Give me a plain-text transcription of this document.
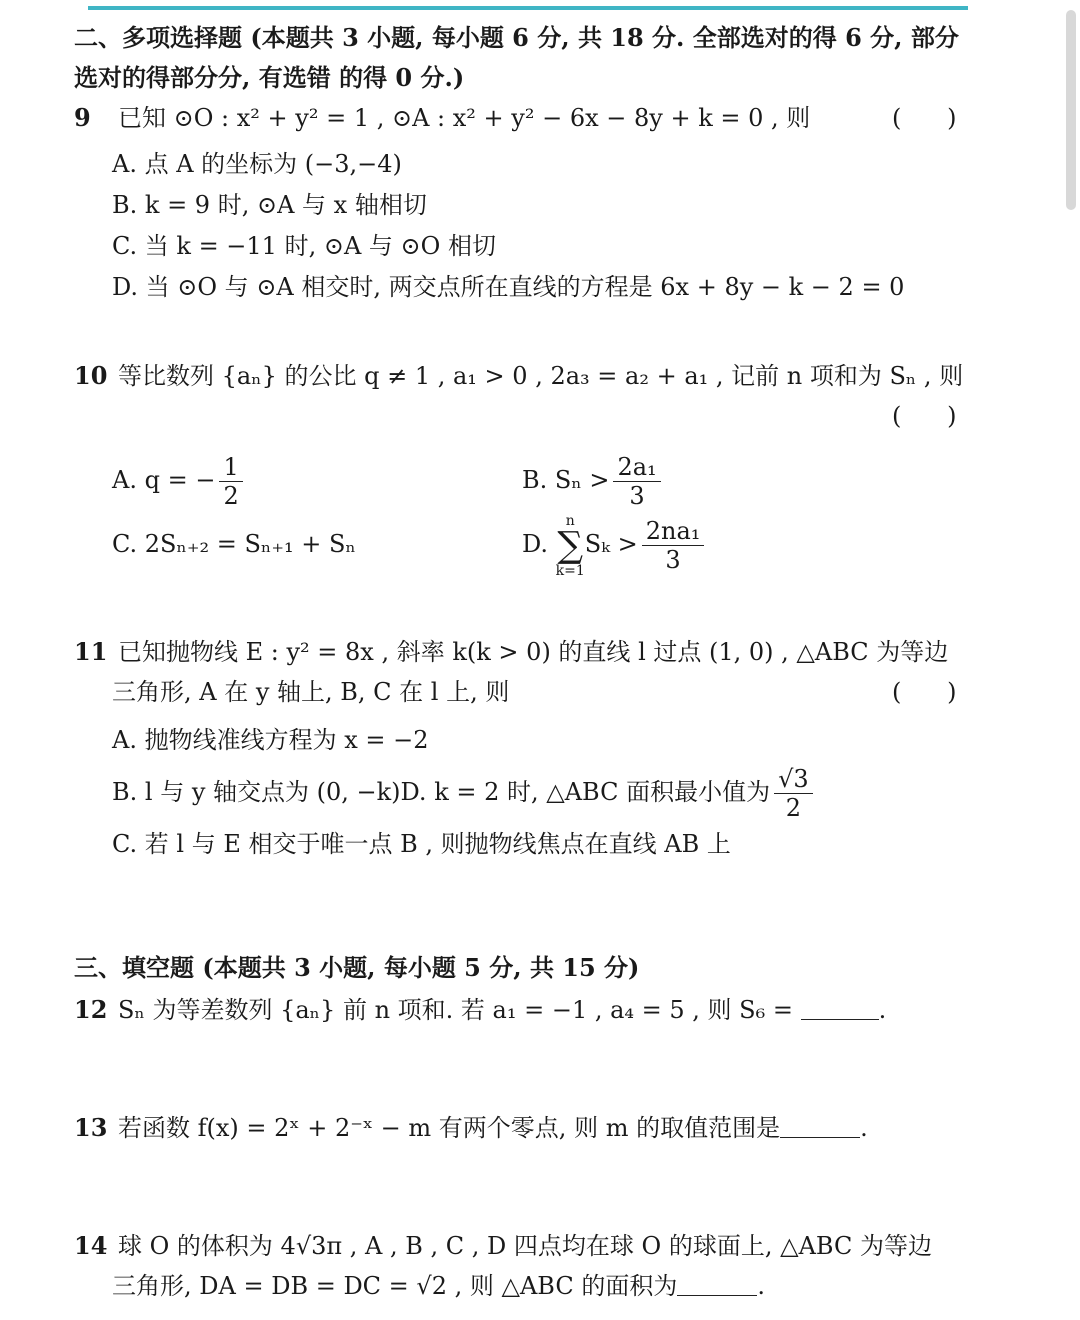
二、多项选择题 (本题共 3 小题, 每小题 6 分, 共 18 分. 全部选对的得 6 分, 部分
选对的得部分分, 有选错 的得 0 分.)
9 已知 ⊙O : x² + y² = 1 , ⊙A : x² + y² − 6x − 8y + k = 0 , 则	(      )
A. 点 A 的坐标为 (−3,−4)
B. k = 9 时, ⊙A 与 x 轴相切
C. 当 k = −11 时, ⊙A 与 ⊙O 相切
D. 当 ⊙O 与 ⊙A 相交时, 两交点所在直线的方程是 6x + 8y − k − 2 = 0
10 等比数列 {aₙ} 的公比 q ≠ 1 , a₁ > 0 , 2a₃ = a₂ + a₁ , 记前 n 项和为 Sₙ , 则
(      )
A. q = − $\frac{1}{2}$	B. $S_n > \frac{\text{2a₁}}{3}$
C. 2Sₙ₊₂ = Sₙ₊₁ + Sₙ	D.
n
∑
k=1
$S_k > \frac{\text{2na₁}}{3}$
11 已知抛物线 E : y² = 8x , 斜率 k(k > 0) 的直线 l 过点 (1, 0) , △ABC 为等边
三角形, A 在 y 轴上, B, C 在 l 上, 则	(      )
A. 抛物线准线方程为 x = −2
B. l 与 y 轴交点为 (0, −k)D. k = 2 时, △ABC 面积最小值为 $\frac{√3}{2}$
C. 若 l 与 E 相交于唯一点 B , 则抛物线焦点在直线 AB 上
三、填空题 (本题共 3 小题, 每小题 5 分, 共 15 分)
12 Sₙ 为等差数列 {aₙ} 前 n 项和. 若 a₁ = −1 , a₄ = 5 , 则 S₆ =	.
13 若函数 f(x) = 2ˣ + 2⁻ˣ − m 有两个零点, 则 m 的取值范围是	.
14 球 O 的体积为 4√3π , A , B , C , D 四点均在球 O 的球面上, △ABC 为等边
三角形, DA = DB = DC = √2 , 则 △ABC 的面积为	.
